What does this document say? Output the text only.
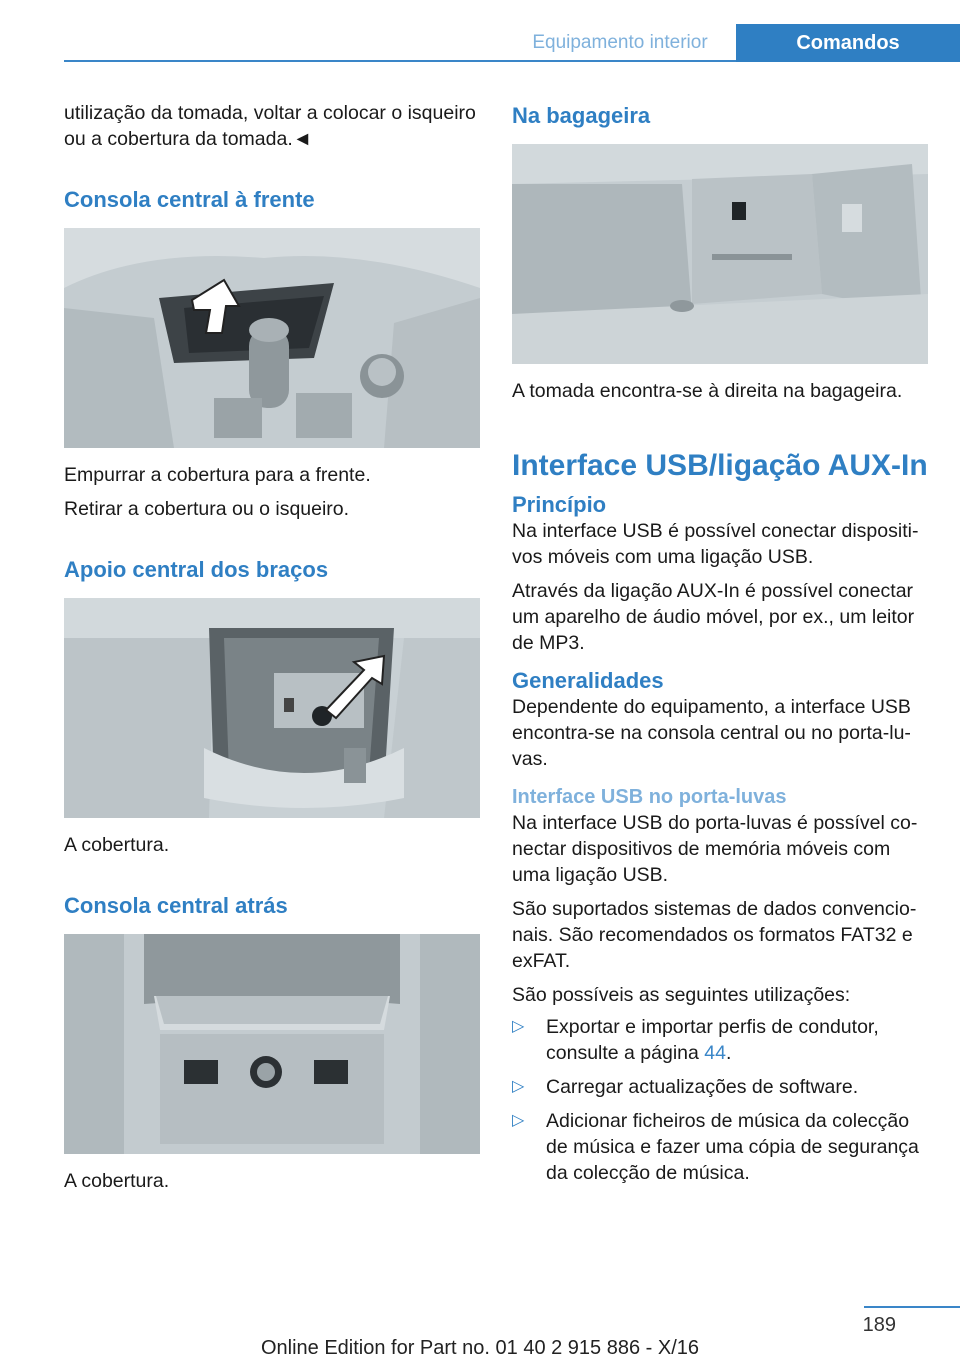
Equipamento interior	Comandos

utilização da tomada, voltar a colocar o isqueiro ou a cobertura da tomada.◄

Consola central à frente

Empurrar a cobertura para a frente.

Retirar a cobertura ou o isqueiro.

Apoio central dos braços

A cobertura.

Consola central atrás

A cobertura.

Na bagageira

A tomada encontra-se à direita na bagageira.

Interface USB/ligação AUX-In
Princípio

Na interface USB é possível conectar dispositi-vos móveis com uma ligação USB.

Através da ligação AUX-In é possível conectar um aparelho de áudio móvel, por ex., um leitor de MP3.

Generalidades

Dependente do equipamento, a interface USB encontra-se na consola central ou no porta-lu-vas.

Interface USB no porta-luvas

Na interface USB do porta-luvas é possível co-nectar dispositivos de memória móveis com uma ligação USB.

São suportados sistemas de dados convencio-nais. São recomendados os formatos FAT32 e exFAT.

São possíveis as seguintes utilizações:

▷ Exportar e importar perfis de condutor, consulte a página 44.
▷ Carregar actualizações de software.
▷ Adicionar ficheiros de música da colecção de música e fazer uma cópia de segurança da colecção de música.
189
Online Edition for Part no. 01 40 2 915 886 - X/16
